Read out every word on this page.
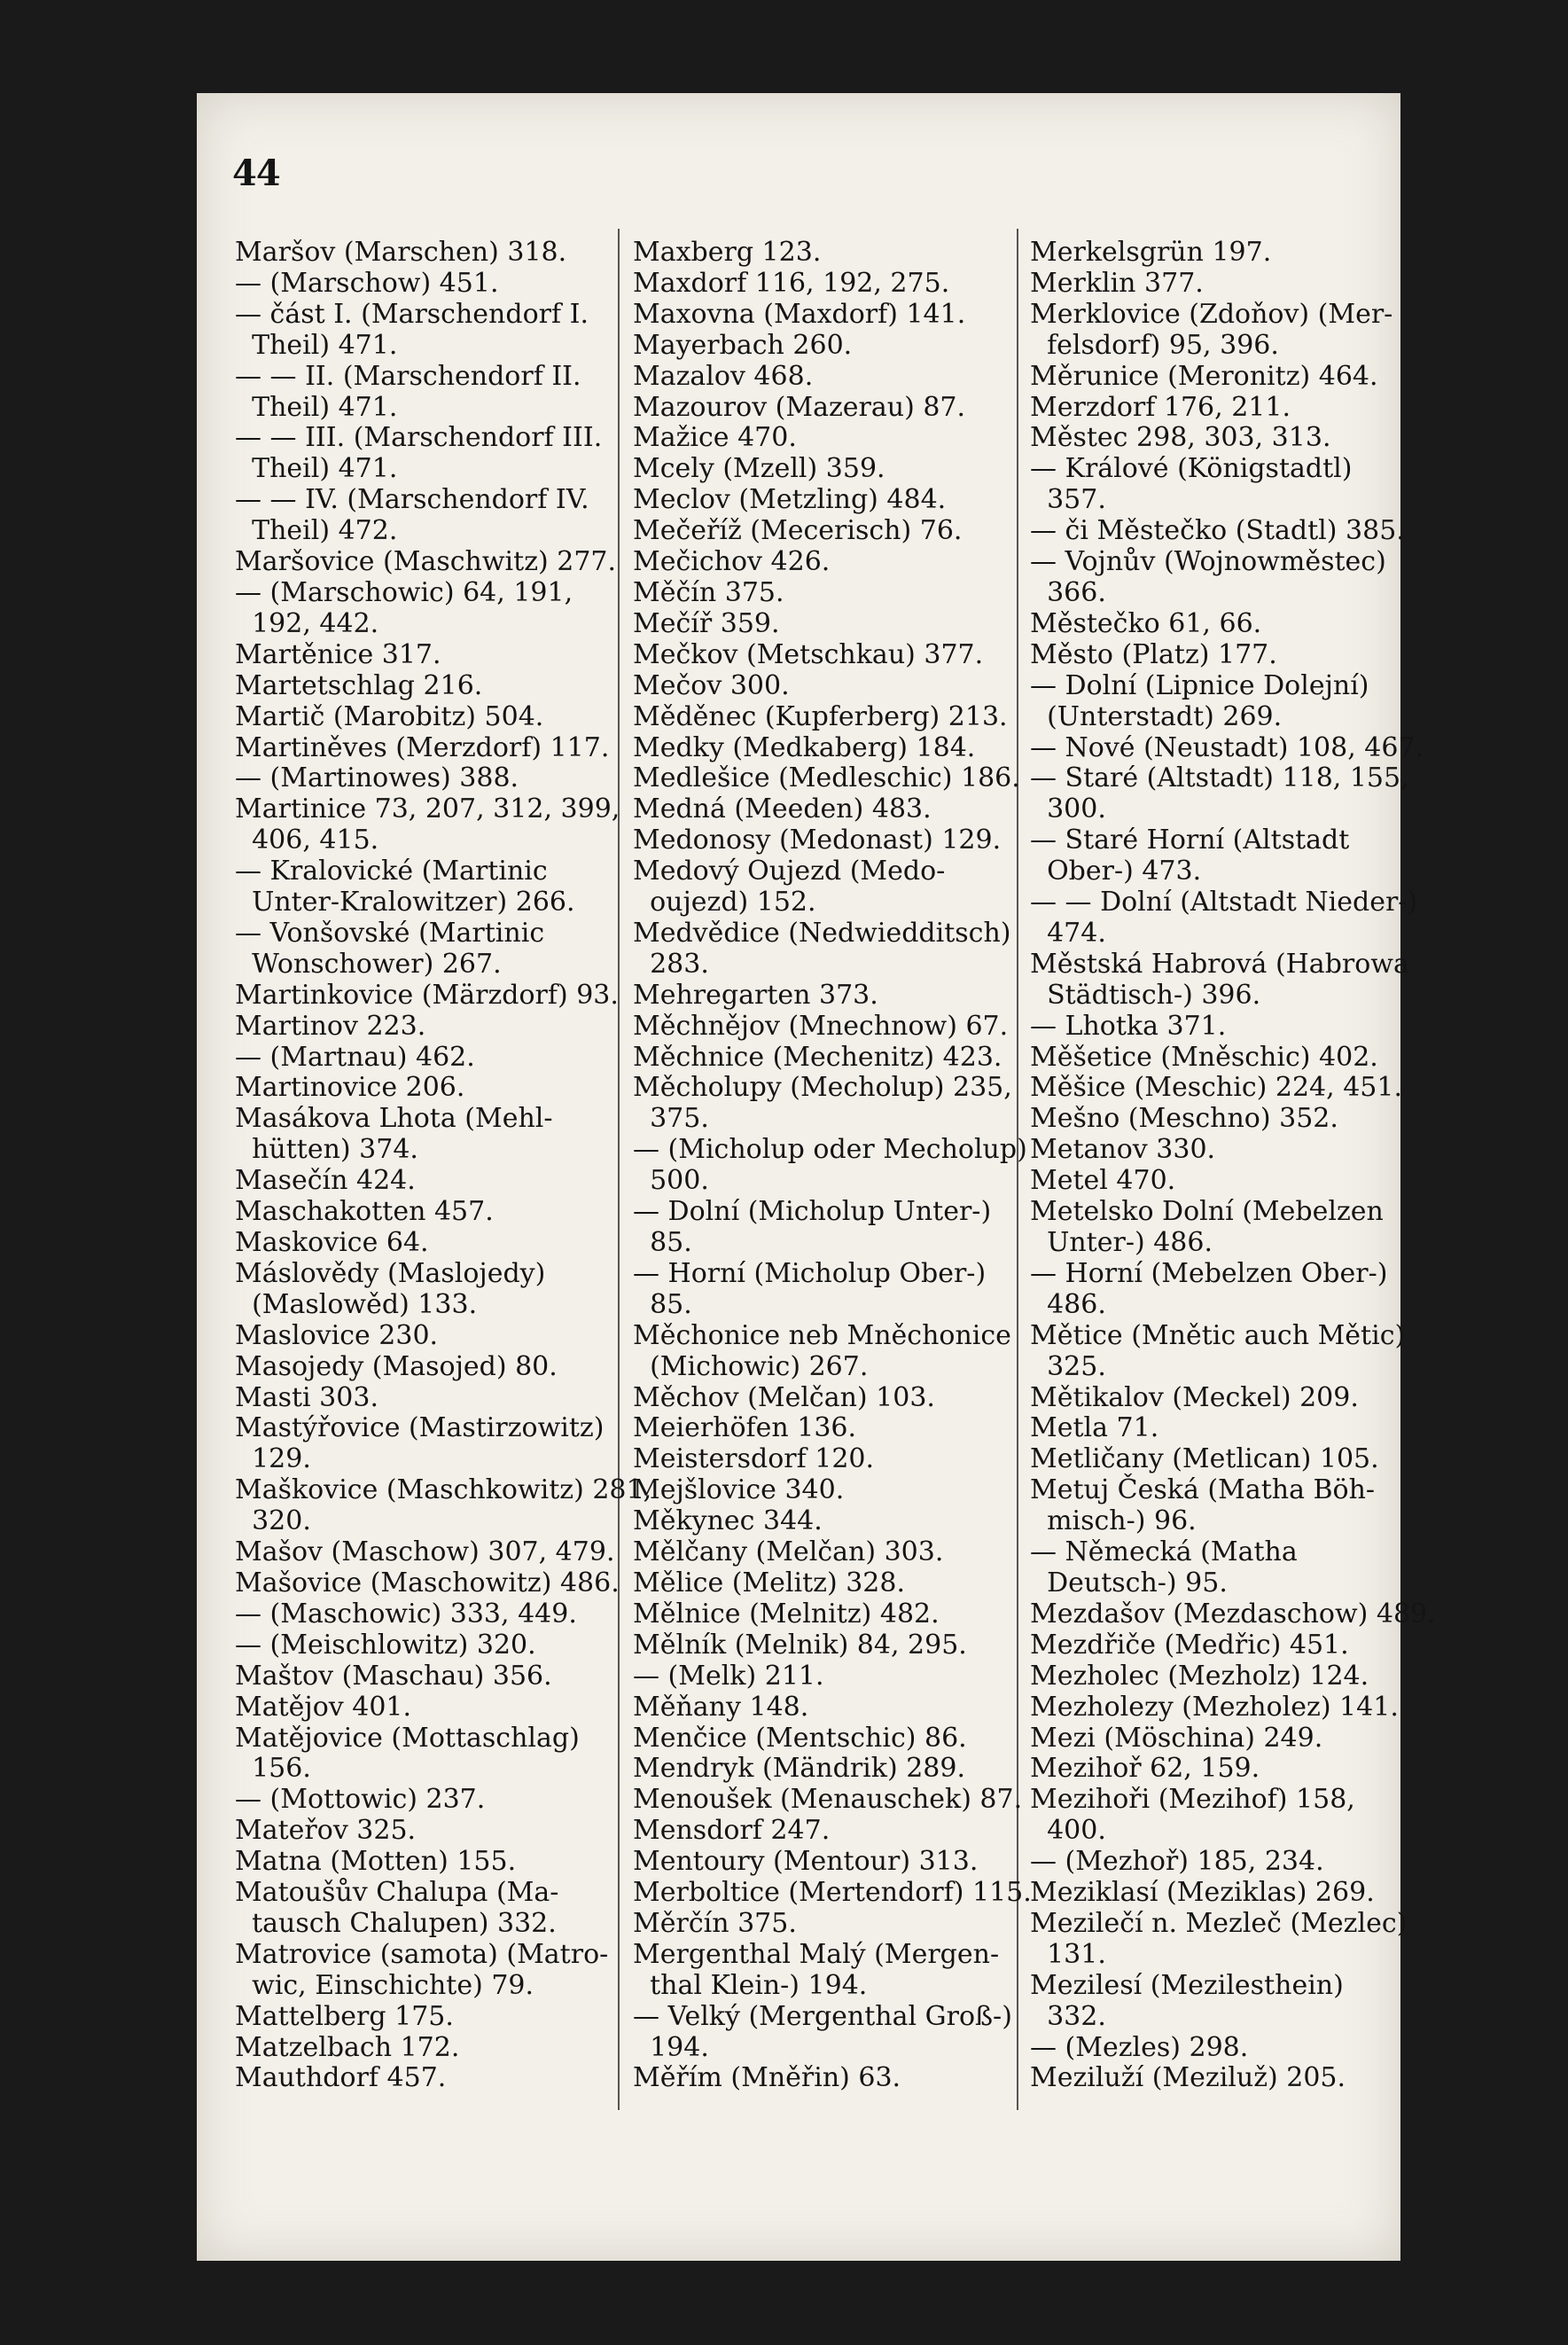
44
Maršov (Marschen) 318.
— (Marschow) 451.
— část I. (Marschendorf I.
Theil) 471.
— — II. (Marschendorf II.
Theil) 471.
— — III. (Marschendorf III.
Theil) 471.
— — IV. (Marschendorf IV.
Theil) 472.
Maršovice (Maschwitz) 277.
— (Marschowic) 64, 191,
192, 442.
Martěnice 317.
Martetschlag 216.
Martič (Marobitz) 504.
Martiněves (Merzdorf) 117.
— (Martinowes) 388.
Martinice 73, 207, 312, 399,
406, 415.
— Kralovické (Martinic
Unter-Kralowitzer) 266.
— Vonšovské (Martinic
Wonschower) 267.
Martinkovice (Märzdorf) 93.
Martinov 223.
— (Martnau) 462.
Martinovice 206.
Masákova Lhota (Mehl-
hütten) 374.
Masečín 424.
Maschakotten 457.
Maskovice 64.
Máslovědy (Maslojedy)
(Maslowěd) 133.
Maslovice 230.
Masojedy (Masojed) 80.
Masti 303.
Mastýřovice (Mastirzowitz)
129.
Maškovice (Maschkowitz) 281,
320.
Mašov (Maschow) 307, 479.
Mašovice (Maschowitz) 486.
— (Maschowic) 333, 449.
— (Meischlowitz) 320.
Maštov (Maschau) 356.
Matějov 401.
Matějovice (Mottaschlag)
156.
— (Mottowic) 237.
Mateřov 325.
Matna (Motten) 155.
Matoušův Chalupa (Ma-
tausch Chalupen) 332.
Matrovice (samota) (Matro-
wic, Einschichte) 79.
Mattelberg 175.
Matzelbach 172.
Mauthdorf 457.
Maxberg 123.
Maxdorf 116, 192, 275.
Maxovna (Maxdorf) 141.
Mayerbach 260.
Mazalov 468.
Mazourov (Mazerau) 87.
Mažice 470.
Mcely (Mzell) 359.
Meclov (Metzling) 484.
Mečeříž (Mecerisch) 76.
Mečichov 426.
Měčín 375.
Mečíř 359.
Mečkov (Metschkau) 377.
Mečov 300.
Měděnec (Kupferberg) 213.
Medky (Medkaberg) 184.
Medlešice (Medleschic) 186.
Medná (Meeden) 483.
Medonosy (Medonast) 129.
Medový Oujezd (Medo-
oujezd) 152.
Medvědice (Nedwiedditsch)
283.
Mehregarten 373.
Měchnějov (Mnechnow) 67.
Měchnice (Mechenitz) 423.
Měcholupy (Mecholup) 235,
375.
— (Micholup oder Mecholup)
500.
— Dolní (Micholup Unter-)
85.
— Horní (Micholup Ober-)
85.
Měchonice neb Mněchonice
(Michowic) 267.
Měchov (Melčan) 103.
Meierhöfen 136.
Meistersdorf 120.
Mejšlovice 340.
Měkynec 344.
Mělčany (Melčan) 303.
Mělice (Melitz) 328.
Mělnice (Melnitz) 482.
Mělník (Melnik) 84, 295.
— (Melk) 211.
Měňany 148.
Menčice (Mentschic) 86.
Mendryk (Mändrik) 289.
Menoušek (Menauschek) 87.
Mensdorf 247.
Mentoury (Mentour) 313.
Merboltice (Mertendorf) 115.
Měrčín 375.
Mergenthal Malý (Mergen-
thal Klein-) 194.
— Velký (Mergenthal Groß-)
194.
Měřím (Mněřin) 63.
Merkelsgrün 197.
Merklin 377.
Merklovice (Zdoňov) (Mer-
felsdorf) 95, 396.
Měrunice (Meronitz) 464.
Merzdorf 176, 211.
Městec 298, 303, 313.
— Králové (Königstadtl)
357.
— či Městečko (Stadtl) 385.
— Vojnův (Wojnowměstec)
366.
Městečko 61, 66.
Město (Platz) 177.
— Dolní (Lipnice Dolejní)
(Unterstadt) 269.
— Nové (Neustadt) 108, 467.
— Staré (Altstadt) 118, 155,
300.
— Staré Horní (Altstadt
Ober-) 473.
— — Dolní (Altstadt Nieder-)
474.
Městská Habrová (Habrowa
Städtisch-) 396.
— Lhotka 371.
Měšetice (Mněschic) 402.
Měšice (Meschic) 224, 451.
Mešno (Meschno) 352.
Metanov 330.
Metel 470.
Metelsko Dolní (Mebelzen
Unter-) 486.
— Horní (Mebelzen Ober-)
486.
Mětice (Mnětic auch Mětic)
325.
Mětikalov (Meckel) 209.
Metla 71.
Metličany (Metlican) 105.
Metuj Česká (Matha Böh-
misch-) 96.
— Německá (Matha
Deutsch-) 95.
Mezdašov (Mezdaschow) 489.
Mezdřiče (Medřic) 451.
Mezholec (Mezholz) 124.
Mezholezy (Mezholez) 141.
Mezi (Möschina) 249.
Mezihoř 62, 159.
Mezihoři (Mezihof) 158,
400.
— (Mezhoř) 185, 234.
Meziklasí (Meziklas) 269.
Mezilečí n. Mezleč (Mezlec)
131.
Mezilesí (Mezilesthein)
332.
— (Mezles) 298.
Meziluží (Meziluž) 205.
